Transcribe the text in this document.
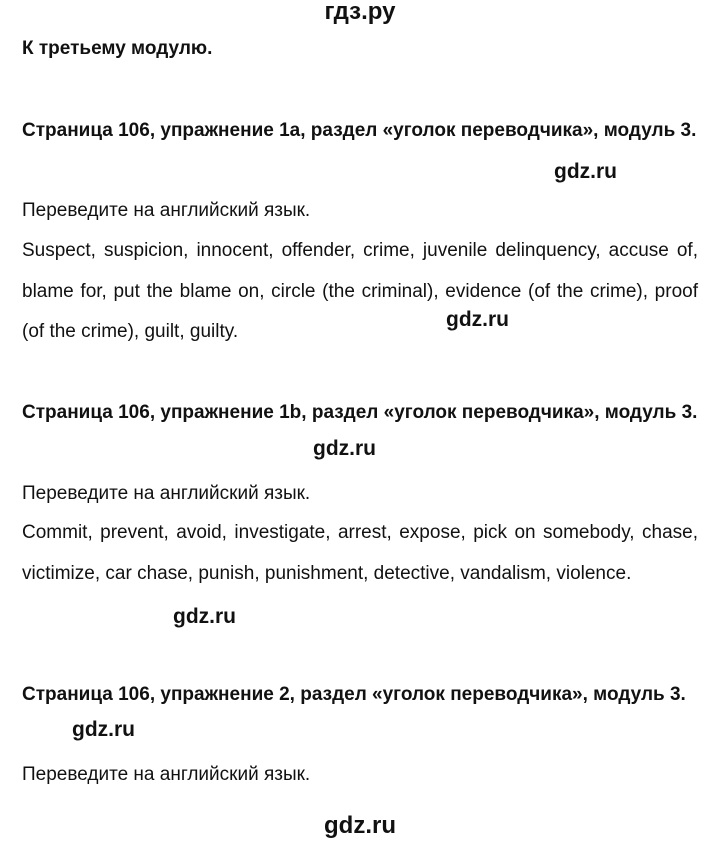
гдз.ру
К третьему модулю.
Страница 106, упражнение 1а, раздел «уголок переводчика», модуль 3.
gdz.ru
Переведите на английский язык.
Suspect, suspicion, innocent, offender, crime, juvenile delinquency, accuse of, blame for, put the blame on, circle (the criminal), evidence (of the crime), proof (of the crime), guilt, guilty.
gdz.ru
Страница 106, упражнение 1b, раздел «уголок переводчика», модуль 3.
gdz.ru
Переведите на английский язык.
Commit, prevent, avoid, investigate, arrest, expose, pick on somebody, chase, victimize, car chase, punish, punishment, detective, vandalism, violence.
gdz.ru
Страница 106, упражнение 2, раздел «уголок переводчика», модуль 3.
gdz.ru
Переведите на английский язык.
gdz.ru
